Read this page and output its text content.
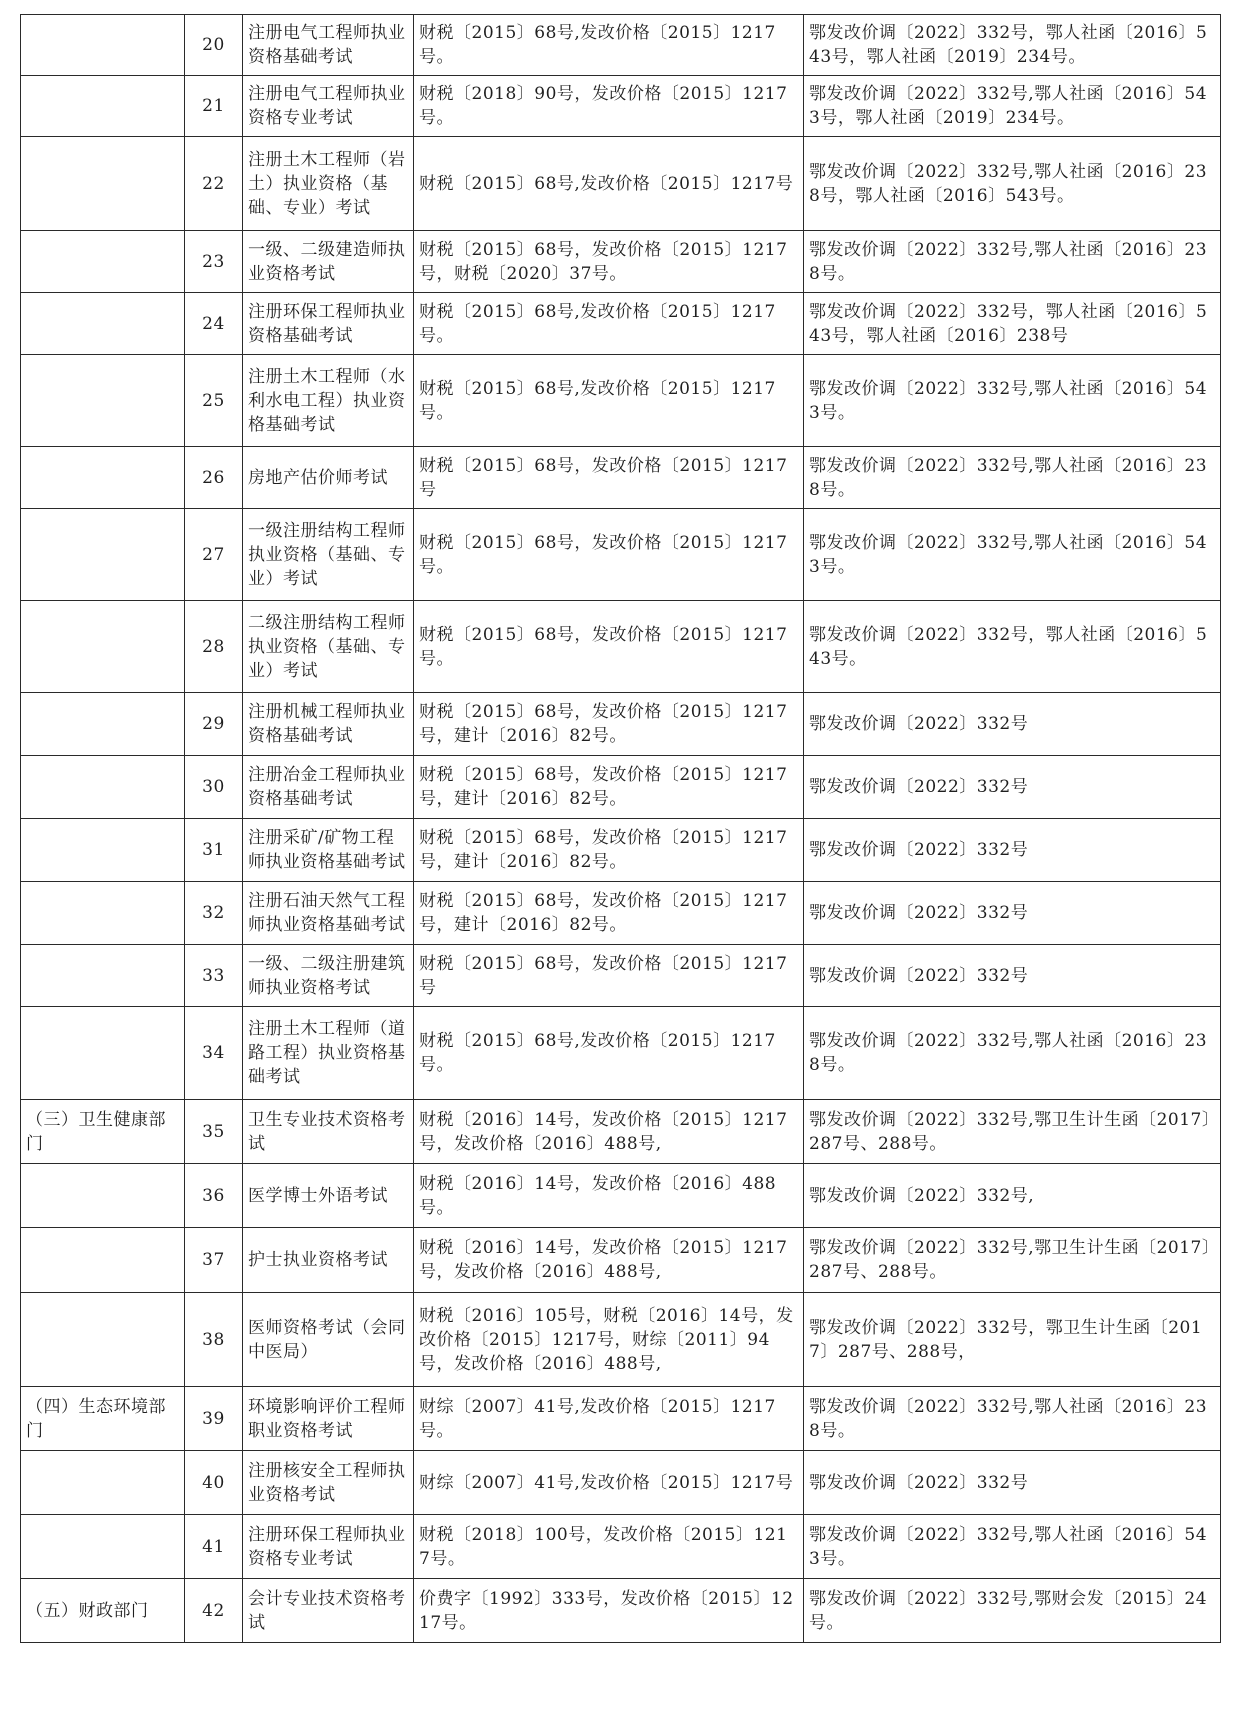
	20	注册电气工程师执业资格基础考试	财税〔2015〕68号,发改价格〔2015〕1217号。	鄂发改价调〔2022〕332号，鄂人社函〔2016〕543号，鄂人社函〔2019〕234号。
	21	注册电气工程师执业资格专业考试	财税〔2018〕90号，发改价格〔2015〕1217号。	鄂发改价调〔2022〕332号,鄂人社函〔2016〕543号，鄂人社函〔2019〕234号。
	22	注册土木工程师（岩土）执业资格（基础、专业）考试	财税〔2015〕68号,发改价格〔2015〕1217号	鄂发改价调〔2022〕332号,鄂人社函〔2016〕238号，鄂人社函〔2016〕543号。
	23	一级、二级建造师执业资格考试	财税〔2015〕68号，发改价格〔2015〕1217号，财税〔2020〕37号。	鄂发改价调〔2022〕332号,鄂人社函〔2016〕238号。
	24	注册环保工程师执业资格基础考试	财税〔2015〕68号,发改价格〔2015〕1217号。	鄂发改价调〔2022〕332号，鄂人社函〔2016〕543号，鄂人社函〔2016〕238号
	25	注册土木工程师（水利水电工程）执业资格基础考试	财税〔2015〕68号,发改价格〔2015〕1217号。	鄂发改价调〔2022〕332号,鄂人社函〔2016〕543号。
	26	房地产估价师考试	财税〔2015〕68号，发改价格〔2015〕1217号	鄂发改价调〔2022〕332号,鄂人社函〔2016〕238号。
	27	一级注册结构工程师执业资格（基础、专业）考试	财税〔2015〕68号，发改价格〔2015〕1217号。	鄂发改价调〔2022〕332号,鄂人社函〔2016〕543号。
	28	二级注册结构工程师执业资格（基础、专业）考试	财税〔2015〕68号，发改价格〔2015〕1217号。	鄂发改价调〔2022〕332号，鄂人社函〔2016〕543号。
	29	注册机械工程师执业资格基础考试	财税〔2015〕68号，发改价格〔2015〕1217号，建计〔2016〕82号。	鄂发改价调〔2022〕332号
	30	注册冶金工程师执业资格基础考试	财税〔2015〕68号，发改价格〔2015〕1217号，建计〔2016〕82号。	鄂发改价调〔2022〕332号
	31	注册采矿/矿物工程师执业资格基础考试	财税〔2015〕68号，发改价格〔2015〕1217号，建计〔2016〕82号。	鄂发改价调〔2022〕332号
	32	注册石油天然气工程师执业资格基础考试	财税〔2015〕68号，发改价格〔2015〕1217号，建计〔2016〕82号。	鄂发改价调〔2022〕332号
	33	一级、二级注册建筑师执业资格考试	财税〔2015〕68号，发改价格〔2015〕1217号	鄂发改价调〔2022〕332号
	34	注册土木工程师（道路工程）执业资格基础考试	财税〔2015〕68号,发改价格〔2015〕1217号。	鄂发改价调〔2022〕332号,鄂人社函〔2016〕238号。
（三）卫生健康部门	35	卫生专业技术资格考试	财税〔2016〕14号，发改价格〔2015〕1217号，发改价格〔2016〕488号,	鄂发改价调〔2022〕332号,鄂卫生计生函〔2017〕287号、288号。
	36	医学博士外语考试	财税〔2016〕14号，发改价格〔2016〕488号。	鄂发改价调〔2022〕332号,
	37	护士执业资格考试	财税〔2016〕14号，发改价格〔2015〕1217号，发改价格〔2016〕488号,	鄂发改价调〔2022〕332号,鄂卫生计生函〔2017〕287号、288号。
	38	医师资格考试（会同中医局）	财税〔2016〕105号，财税〔2016〕14号，发改价格〔2015〕1217号，财综〔2011〕94号，发改价格〔2016〕488号,	鄂发改价调〔2022〕332号，鄂卫生计生函〔2017〕287号、288号，
（四）生态环境部门	39	环境影响评价工程师职业资格考试	财综〔2007〕41号,发改价格〔2015〕1217号。	鄂发改价调〔2022〕332号,鄂人社函〔2016〕238号。
	40	注册核安全工程师执业资格考试	财综〔2007〕41号,发改价格〔2015〕1217号	鄂发改价调〔2022〕332号
	41	注册环保工程师执业资格专业考试	财税〔2018〕100号，发改价格〔2015〕1217号。	鄂发改价调〔2022〕332号,鄂人社函〔2016〕543号。
（五）财政部门	42	会计专业技术资格考试	价费字〔1992〕333号，发改价格〔2015〕1217号。	鄂发改价调〔2022〕332号,鄂财会发〔2015〕24号。
